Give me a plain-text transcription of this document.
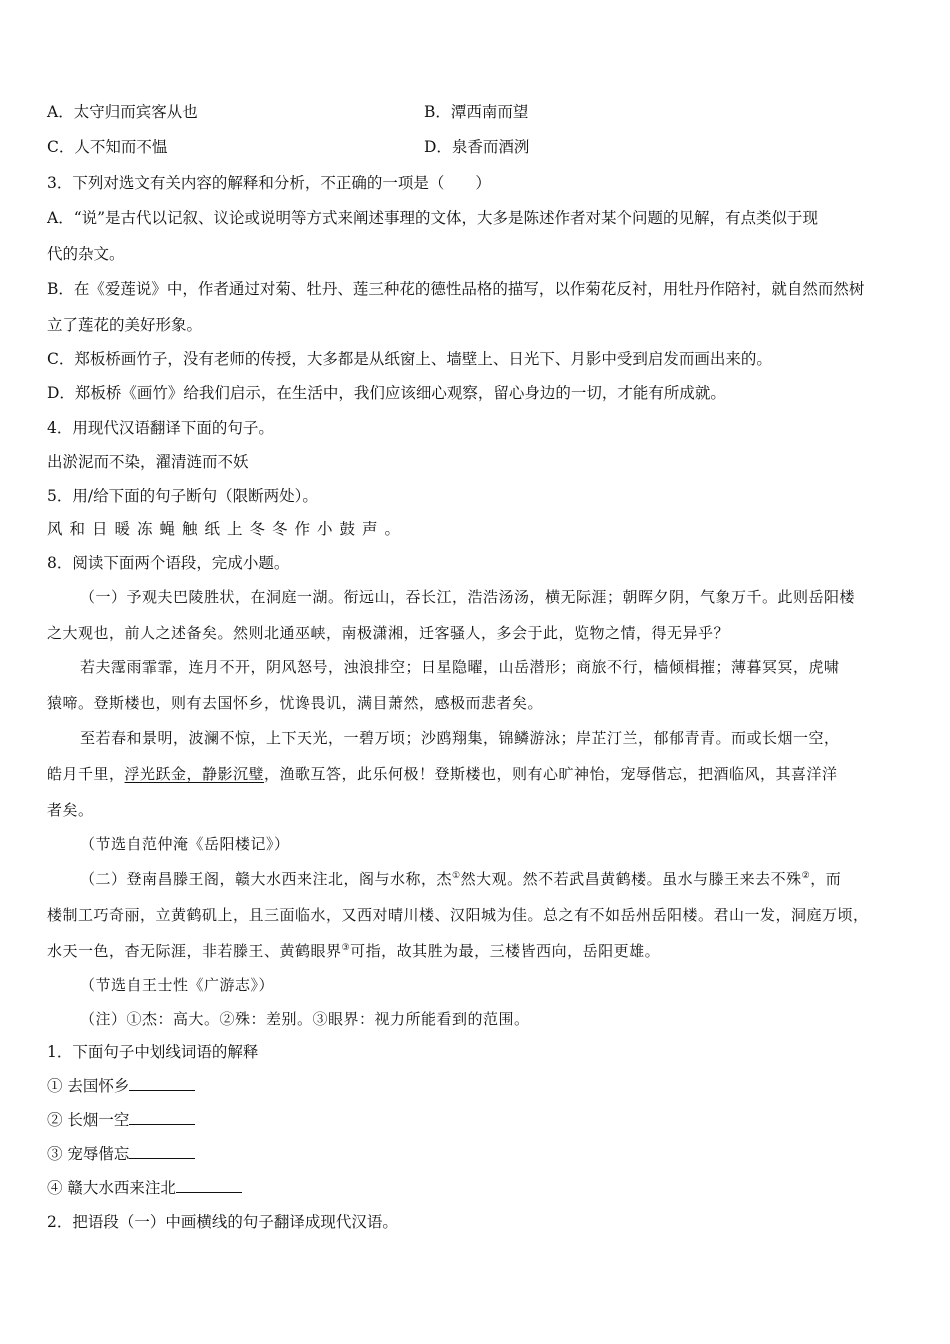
A．太守归而宾客从也	B．潭西南而望
C．人不知而不愠	D．泉香而酒洌
3．下列对选文有关内容的解释和分析，不正确的一项是（　　）
A．“说”是古代以记叙、议论或说明等方式来阐述事理的文体，大多是陈述作者对某个问题的见解，有点类似于现
代的杂文。
B．在《爱莲说》中，作者通过对菊、牡丹、莲三种花的德性品格的描写，以作菊花反衬，用牡丹作陪衬，就自然而然树
立了莲花的美好形象。
C．郑板桥画竹子，没有老师的传授，大多都是从纸窗上、墙壁上、日光下、月影中受到启发而画出来的。
D．郑板桥《画竹》给我们启示，在生活中，我们应该细心观察，留心身边的一切，才能有所成就。
4．用现代汉语翻译下面的句子。
出淤泥而不染，濯清涟而不妖
5．用/给下面的句子断句（限断两处）。
风和日暖冻蝇触纸上冬冬作小鼓声。
8．阅读下面两个语段，完成小题。
（一）予观夫巴陵胜状，在洞庭一湖。衔远山，吞长江，浩浩汤汤，横无际涯；朝晖夕阴，气象万千。此则岳阳楼
之大观也，前人之述备矣。然则北通巫峡，南极潇湘，迁客骚人，多会于此，览物之情，得无异乎？
若夫霪雨霏霏，连月不开，阴风怒号，浊浪排空；日星隐曜，山岳潜形；商旅不行，樯倾楫摧；薄暮冥冥，虎啸
猿啼。登斯楼也，则有去国怀乡，忧谗畏讥，满目萧然，感极而悲者矣。
至若春和景明，波澜不惊，上下天光，一碧万顷；沙鸥翔集，锦鳞游泳；岸芷汀兰，郁郁青青。而或长烟一空，
皓月千里，浮光跃金，静影沉璧，渔歌互答，此乐何极！登斯楼也，则有心旷神怡，宠辱偕忘，把酒临风，其喜洋洋
者矣。
（节选自范仲淹《岳阳楼记》）
（二）登南昌滕王阁，赣大水西来注北，阁与水称，杰①然大观。然不若武昌黄鹤楼。虽水与滕王来去不殊②，而
楼制工巧奇丽，立黄鹤矶上，且三面临水，又西对晴川楼、汉阳城为佳。总之有不如岳州岳阳楼。君山一发，洞庭万顷，
水天一色，杳无际涯，非若滕王、黄鹤眼界③可指，故其胜为最，三楼皆西向，岳阳更雄。
（节选自王士性《广游志》）
（注）①杰：高大。②殊：差别。③眼界：视力所能看到的范围。
1．下面句子中划线词语的解释
① 去国怀乡
② 长烟一空
③ 宠辱偕忘
④ 赣大水西来注北
2．把语段（一）中画横线的句子翻译成现代汉语。
